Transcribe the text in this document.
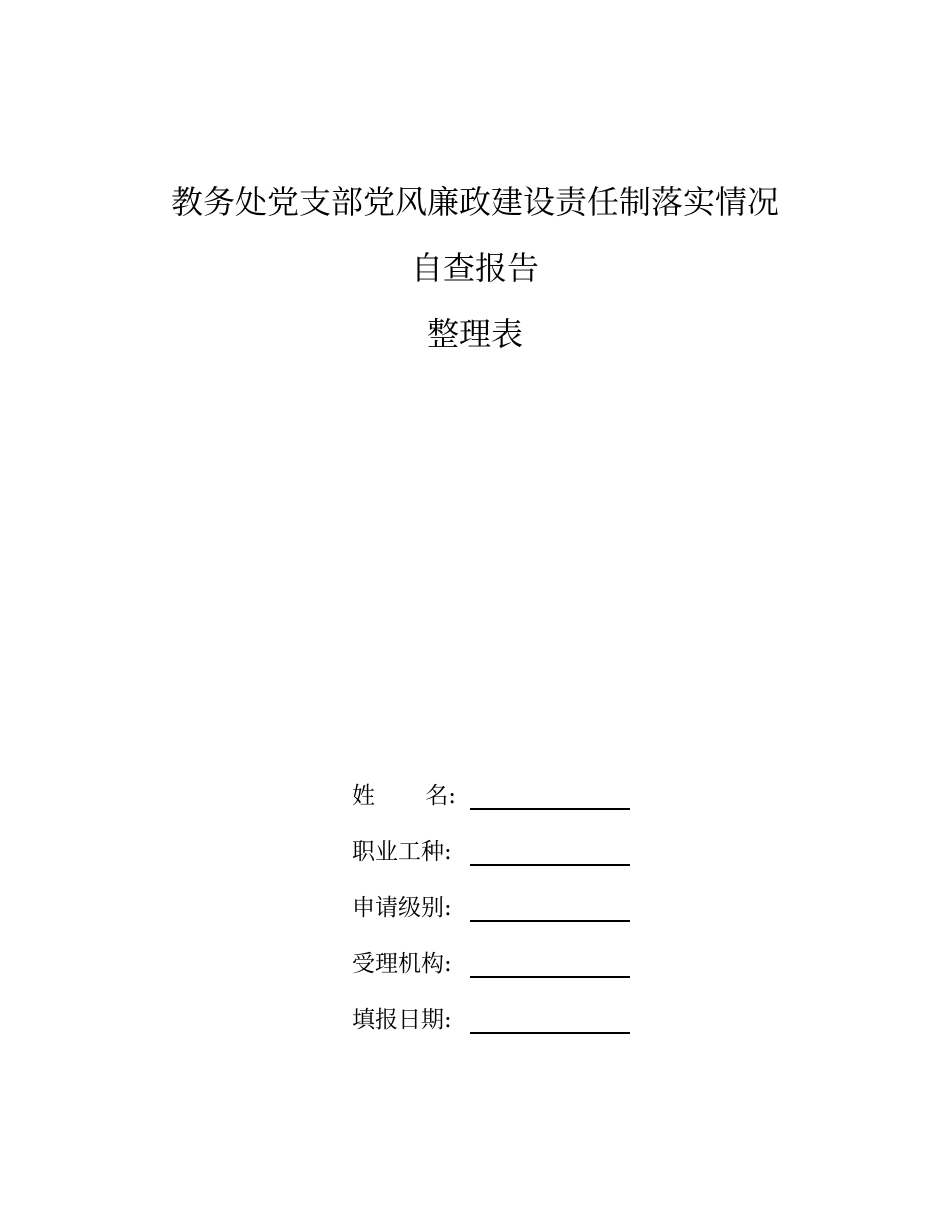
教务处党支部党风廉政建设责任制落实情况
自查报告
整理表
姓 名:
职业工种:
申请级别:
受理机构:
填报日期:
